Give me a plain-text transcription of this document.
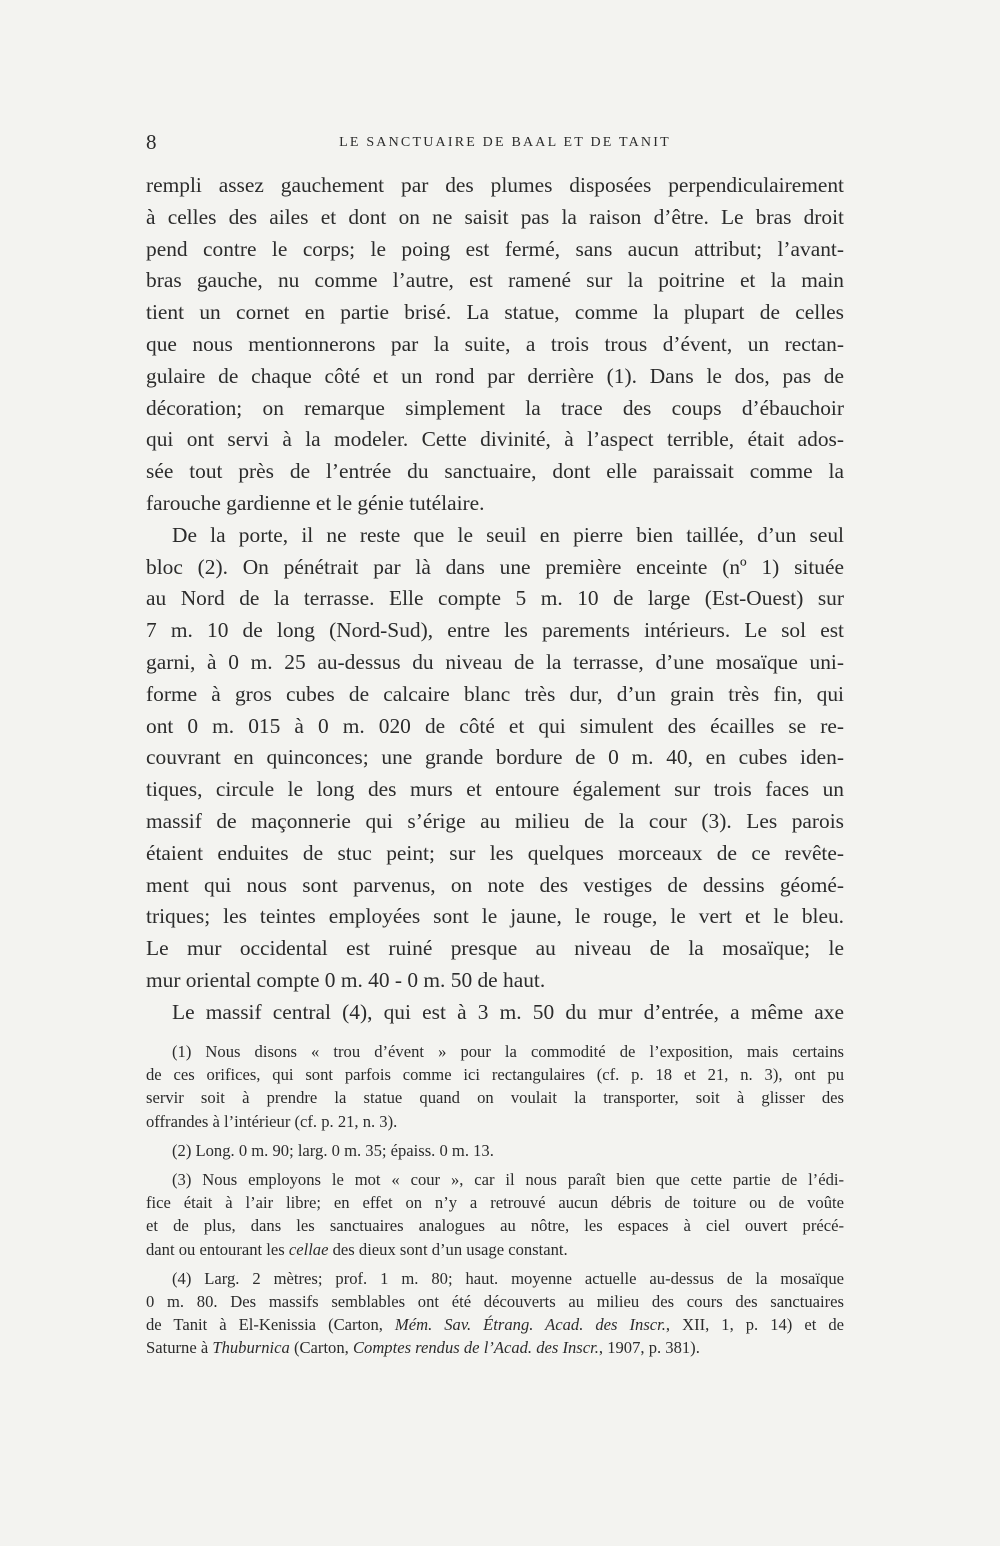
8	LE SANCTUAIRE DE BAAL ET DE TANIT
rempli assez gauchement par des plumes disposées perpendiculairement
à celles des ailes et dont on ne saisit pas la raison d’être. Le bras droit
pend contre le corps; le poing est fermé, sans aucun attribut; l’avant-
bras gauche, nu comme l’autre, est ramené sur la poitrine et la main
tient un cornet en partie brisé. La statue, comme la plupart de celles
que nous mentionnerons par la suite, a trois trous d’évent, un rectan-
gulaire de chaque côté et un rond par derrière (1). Dans le dos, pas de
décoration; on remarque simplement la trace des coups d’ébauchoir
qui ont servi à la modeler. Cette divinité, à l’aspect terrible, était ados-
sée tout près de l’entrée du sanctuaire, dont elle paraissait comme la
farouche gardienne et le génie tutélaire.
De la porte, il ne reste que le seuil en pierre bien taillée, d’un seul
bloc (2). On pénétrait par là dans une première enceinte (nº 1) située
au Nord de la terrasse. Elle compte 5 m. 10 de large (Est-Ouest) sur
7 m. 10 de long (Nord-Sud), entre les parements intérieurs. Le sol est
garni, à 0 m. 25 au-dessus du niveau de la terrasse, d’une mosaïque uni-
forme à gros cubes de calcaire blanc très dur, d’un grain très fin, qui
ont 0 m. 015 à 0 m. 020 de côté et qui simulent des écailles se re-
couvrant en quinconces; une grande bordure de 0 m. 40, en cubes iden-
tiques, circule le long des murs et entoure également sur trois faces un
massif de maçonnerie qui s’érige au milieu de la cour (3). Les parois
étaient enduites de stuc peint; sur les quelques morceaux de ce revête-
ment qui nous sont parvenus, on note des vestiges de dessins géomé-
triques; les teintes employées sont le jaune, le rouge, le vert et le bleu.
Le mur occidental est ruiné presque au niveau de la mosaïque; le
mur oriental compte 0 m. 40 - 0 m. 50 de haut.
Le massif central (4), qui est à 3 m. 50 du mur d’entrée, a même axe
(1) Nous disons « trou d’évent » pour la commodité de l’exposition, mais certains
de ces orifices, qui sont parfois comme ici rectangulaires (cf. p. 18 et 21, n. 3), ont pu
servir soit à prendre la statue quand on voulait la transporter, soit à glisser des
offrandes à l’intérieur (cf. p. 21, n. 3).
(2) Long. 0 m. 90; larg. 0 m. 35; épaiss. 0 m. 13.
(3) Nous employons le mot « cour », car il nous paraît bien que cette partie de l’édi-
fice était à l’air libre; en effet on n’y a retrouvé aucun débris de toiture ou de voûte
et de plus, dans les sanctuaires analogues au nôtre, les espaces à ciel ouvert précé-
dant ou entourant les cellae des dieux sont d’un usage constant.
(4) Larg. 2 mètres; prof. 1 m. 80; haut. moyenne actuelle au-dessus de la mosaïque
0 m. 80. Des massifs semblables ont été découverts au milieu des cours des sanctuaires
de Tanit à El-Kenissia (Carton, Mém. Sav. Étrang. Acad. des Inscr., XII, 1, p. 14) et de
Saturne à Thuburnica (Carton, Comptes rendus de l’Acad. des Inscr., 1907, p. 381).
